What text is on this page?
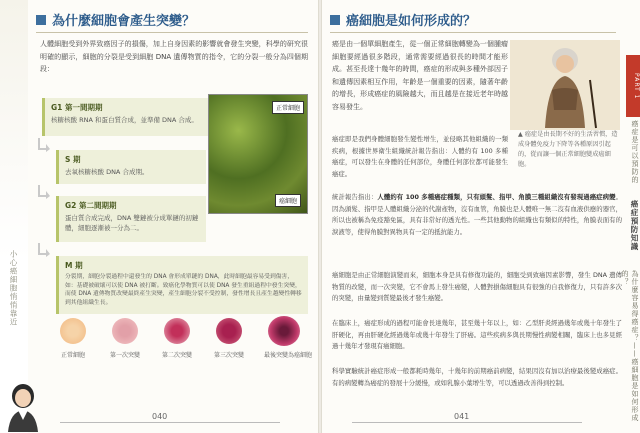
小心癌細胞悄悄靠近
為什麼細胞會產生突變？
人體細胞受到外界致癌因子的損傷，加上自身因素的影響就會發生突變，科學的研究很明確的顯示，細胞的分裂是受到細胞 DNA 遺傳物質的指令，它的分裂一般分為四個期段：
G1 第一間期期
核糖核酸 RNA 和蛋白質合成，並準備 DNA 合成。
S 期
去氧核糖核酸 DNA 合成期。
G2 第二間期期
蛋白質合成完成，DNA 雙鏈被分成單鏈的初鏈體，細胞逐漸被一分為二。
M 期
分裂期，細胞分裂過程中還發生的 DNA 會形成單鏈的 DNA，此時細胞最容易受到傷害，如：基礎被破壞可以使 DNA 被打斷。致癌化學物質可以使 DNA 發生重組過程中發生突變，而使 DNA 遺傳物質改變最終產生突變，產生細胞分裂不受控制，發性增長且產生越變性轉移到其他組織生長。
正常細胞
癌細胞
正常細胞	第一次突變	第二次突變	第三次突變	最後突變為癌細胞
040
癌細胞是如何形成的？
▲ 癌症是由長期不好的生活習慣，造成身體免疫力下降等各種原因引起的，從而讓一個正常細胞變成癌細胞。
癌是由一個單細胞產生，從一個正常細胞轉變為一個腫瘤細胞要經過很多階段，通常需要經過很長的時間才能形成。甚至長達十幾年的時間，癌症的形成與多種外部因子和遺傳因素相互作用，年齡是一個重要的因素，隨著年齡的增長，形成癌症的風險越大，而且越是在接近老年時越容易發生。
癌症即是我們身體細胞發生變性增生，並侵略其他組織的一類疾病，根據世界衛生組織統計報告指出：人體約有 100 多種癌症，可以發生在身體的任何部位，身體任何部位都可能發生癌症。
統計報告指出：人體約有 100 多種癌症種類，只有頭髮、指甲、角膜三種組織沒有發現過癌症病變。因為頭髮、指甲是人體組織分泌的代謝產物，沒有血管，角膜也是人體唯一無二沒有血液供應的器官，所以也被稱為免疫豁免區，具有非常好的透光性。一些其他動物的組織也有類似的特性，角膜表面有的淚液等，使得角膜對異物具有一定的抵抗能力。
癌細胞是由正常細胞演變而來，細胞本身是具有修復功能的，細胞受到致癌因素影響，發生 DNA 遺傳物質的改變，而一次突變，它不會馬上發生癌變，人體對損傷細胞具有很強的自我修復力，只有許多次的突變，由量變到質變最後才發生癌變。
在臨床上，癌症形成的過程可能會長達幾年，甚至幾十年以上，如：乙型肝炎經過幾年或幾十年發生了肝硬化，再由肝硬化經過幾年或幾十年發生了肝癌。這些疾病多與長期慢性病變相關，臨床上也多見經過十幾年才發現有癌細胞。
科學實驗統計癌症形成一般都耗時幾年，十幾年的前期癌前病變，結果因沒有加以治療最後變成癌症。有的病變轉為癌症的發展十分緩慢，或如乳腺小葉增生等，可以透過改善得到控制。
PART 1
癌症是可以預防的
癌症預防知識
為什麼容易得癌症？——癌細胞是如何形成的？
041
